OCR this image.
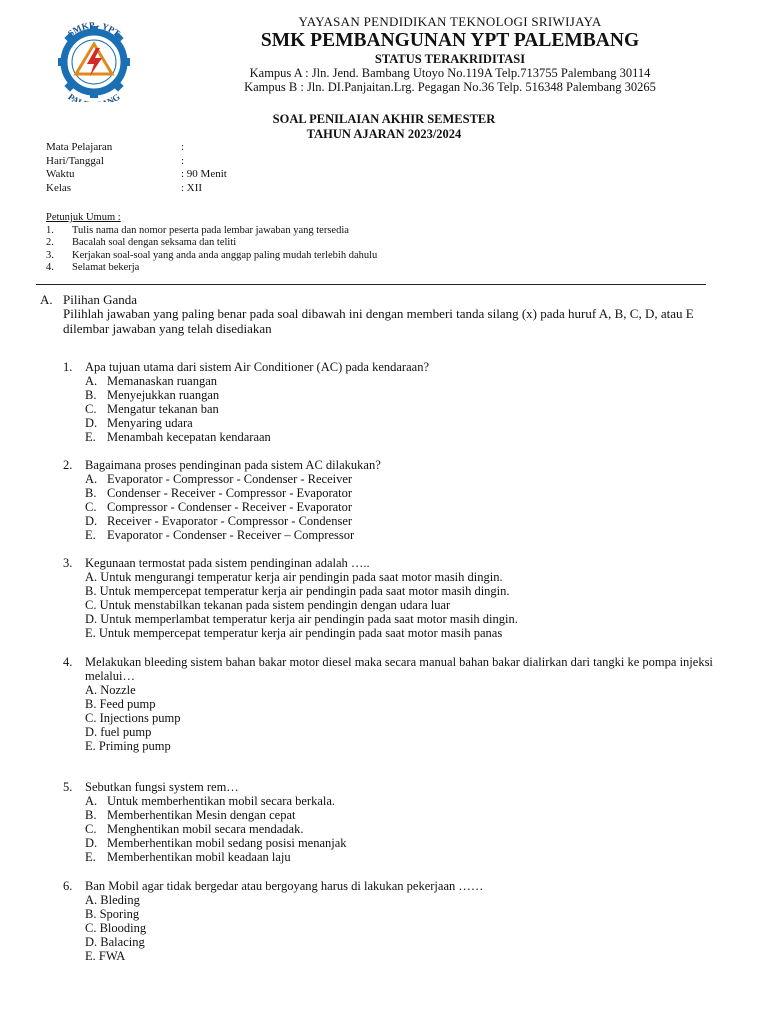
SMKP - YPT
PA NG
YAYASAN PENDIDIKAN TEKNOLOGI SRIWIJAYA
SMK PEMBANGUNAN YPT PALEMBANG
STATUS TERAKRIDITASI
Kampus A : Jln. Jend. Bambang Utoyo No.119A Telp.713755 Palembang 30114
Kampus B : Jln. DI.Panjaitan.Lrg. Pegagan No.36 Telp. 516348 Palembang 30265
SOAL PENILAIAN AKHIR SEMESTER
TAHUN AJARAN 2023/2024
Mata Pelajaran	:
Hari/Tanggal	:
Waktu	: 90 Menit
Kelas	: XII
Petunjuk Umum :
1.	Tulis nama dan nomor peserta pada lembar jawaban yang tersedia
2.	Bacalah soal dengan seksama dan teliti
3.	Kerjakan soal-soal yang anda anda anggap paling mudah terlebih dahulu
4.	Selamat bekerja
A. Pilihan Ganda
Pilihlah jawaban yang paling benar pada soal dibawah ini dengan memberi tanda silang (x) pada huruf A, B, C, D, atau E dilembar jawaban yang telah disediakan
1.	Apa tujuan utama dari sistem Air Conditioner (AC) pada kendaraan?
A. Memanaskan ruangan
B. Menyejukkan ruangan
C. Mengatur tekanan ban
D. Menyaring udara
E. Menambah kecepatan kendaraan
2.	Bagaimana proses pendinginan pada sistem AC dilakukan?
A. Evaporator - Compressor - Condenser - Receiver
B. Condenser - Receiver - Compressor - Evaporator
C. Compressor - Condenser - Receiver - Evaporator
D. Receiver - Evaporator - Compressor - Condenser
E. Evaporator - Condenser - Receiver – Compressor
3.	Kegunaan termostat pada sistem pendinginan adalah …..
A.
Untuk mengurangi temperatur kerja air pendingin pada saat motor masih dingin.
B.
Untuk mempercepat temperatur kerja air pendingin pada saat motor masih dingin.
C.
Untuk menstabilkan tekanan pada sistem pendingin dengan udara luar
D.
Untuk memperlambat temperatur kerja air pendingin pada saat motor masih dingin.
E.
Untuk mempercepat temperatur kerja air pendingin pada saat motor masih panas
4.	Melakukan bleeding sistem bahan bakar motor diesel maka secara manual bahan bakar dialirkan dari tangki ke pompa injeksi melalui…
A.
Nozzle
B.
Feed pump
C.
Injections pump
D.
fuel pump
E.
Priming pump
5.	Sebutkan fungsi system rem…
A. Untuk memberhentikan mobil secara berkala.
B. Memberhentikan Mesin dengan cepat
C. Menghentikan mobil secara mendadak.
D. Memberhentikan mobil sedang posisi menanjak
E. Memberhentikan mobil keadaan laju
6.	Ban Mobil agar tidak bergedar atau bergoyang harus di lakukan pekerjaan ……
A.
Bleding
B.
Sporing
C.
Blooding
D.
Balacing
E.
FWA
